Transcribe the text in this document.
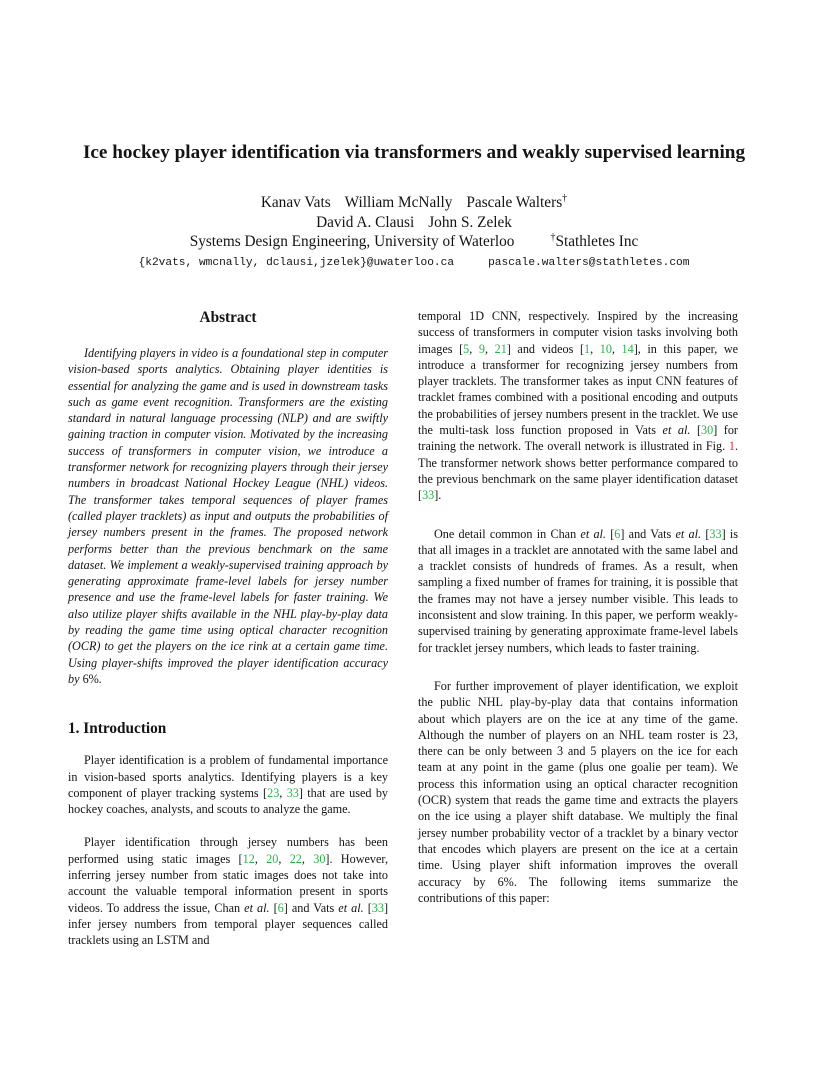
Ice hockey player identification via transformers and weakly supervised learning
Kanav Vats William McNally Pascale Walters†
David A. Clausi John S. Zelek
Systems Design Engineering, University of Waterloo	†Stathletes Inc
{k2vats, wmcnally, dclausi,jzelek}@uwaterloo.ca	pascale.walters@stathletes.com

Abstract

Identifying players in video is a foundational step in computer vision-based sports analytics. Obtaining player identities is essential for analyzing the game and is used in downstream tasks such as game event recognition. Transformers are the existing standard in natural language processing (NLP) and are swiftly gaining traction in computer vision. Motivated by the increasing success of transformers in computer vision, we introduce a transformer network for recognizing players through their jersey numbers in broadcast National Hockey League (NHL) videos. The transformer takes temporal sequences of player frames (called player tracklets) as input and outputs the probabilities of jersey numbers present in the frames. The proposed network performs better than the previous benchmark on the same dataset. We implement a weakly-supervised training approach by generating approximate frame-level labels for jersey number presence and use the frame-level labels for faster training. We also utilize player shifts available in the NHL play-by-play data by reading the game time using optical character recognition (OCR) to get the players on the ice rink at a certain game time. Using player-shifts improved the player identification accuracy by 6%.

1. Introduction

Player identification is a problem of fundamental importance in vision-based sports analytics. Identifying players is a key component of player tracking systems [23, 33] that are used by hockey coaches, analysts, and scouts to analyze the game.

Player identification through jersey numbers has been performed using static images [12, 20, 22, 30]. However, inferring jersey number from static images does not take into account the valuable temporal information present in sports videos. To address the issue, Chan et al. [6] and Vats et al. [33] infer jersey numbers from temporal player sequences called tracklets using an LSTM and

temporal 1D CNN, respectively. Inspired by the increasing success of transformers in computer vision tasks involving both images [5, 9, 21] and videos [1, 10, 14], in this paper, we introduce a transformer for recognizing jersey numbers from player tracklets. The transformer takes as input CNN features of tracklet frames combined with a positional encoding and outputs the probabilities of jersey numbers present in the tracklet. We use the multi-task loss function proposed in Vats et al. [30] for training the network. The overall network is illustrated in Fig. 1. The transformer network shows better performance compared to the previous benchmark on the same player identification dataset [33].

One detail common in Chan et al. [6] and Vats et al. [33] is that all images in a tracklet are annotated with the same label and a tracklet consists of hundreds of frames. As a result, when sampling a fixed number of frames for training, it is possible that the frames may not have a jersey number visible. This leads to inconsistent and slow training. In this paper, we perform weakly-supervised training by generating approximate frame-level labels for tracklet jersey numbers, which leads to faster training.

For further improvement of player identification, we exploit the public NHL play-by-play data that contains information about which players are on the ice at any time of the game. Although the number of players on an NHL team roster is 23, there can be only between 3 and 5 players on the ice for each team at any point in the game (plus one goalie per team). We process this information using an optical character recognition (OCR) system that reads the game time and extracts the players on the ice using a player shift database. We multiply the final jersey number probability vector of a tracklet by a binary vector that encodes which players are present on the ice at a certain time. Using player shift information improves the overall accuracy by 6%. The following items summarize the contributions of this paper:
